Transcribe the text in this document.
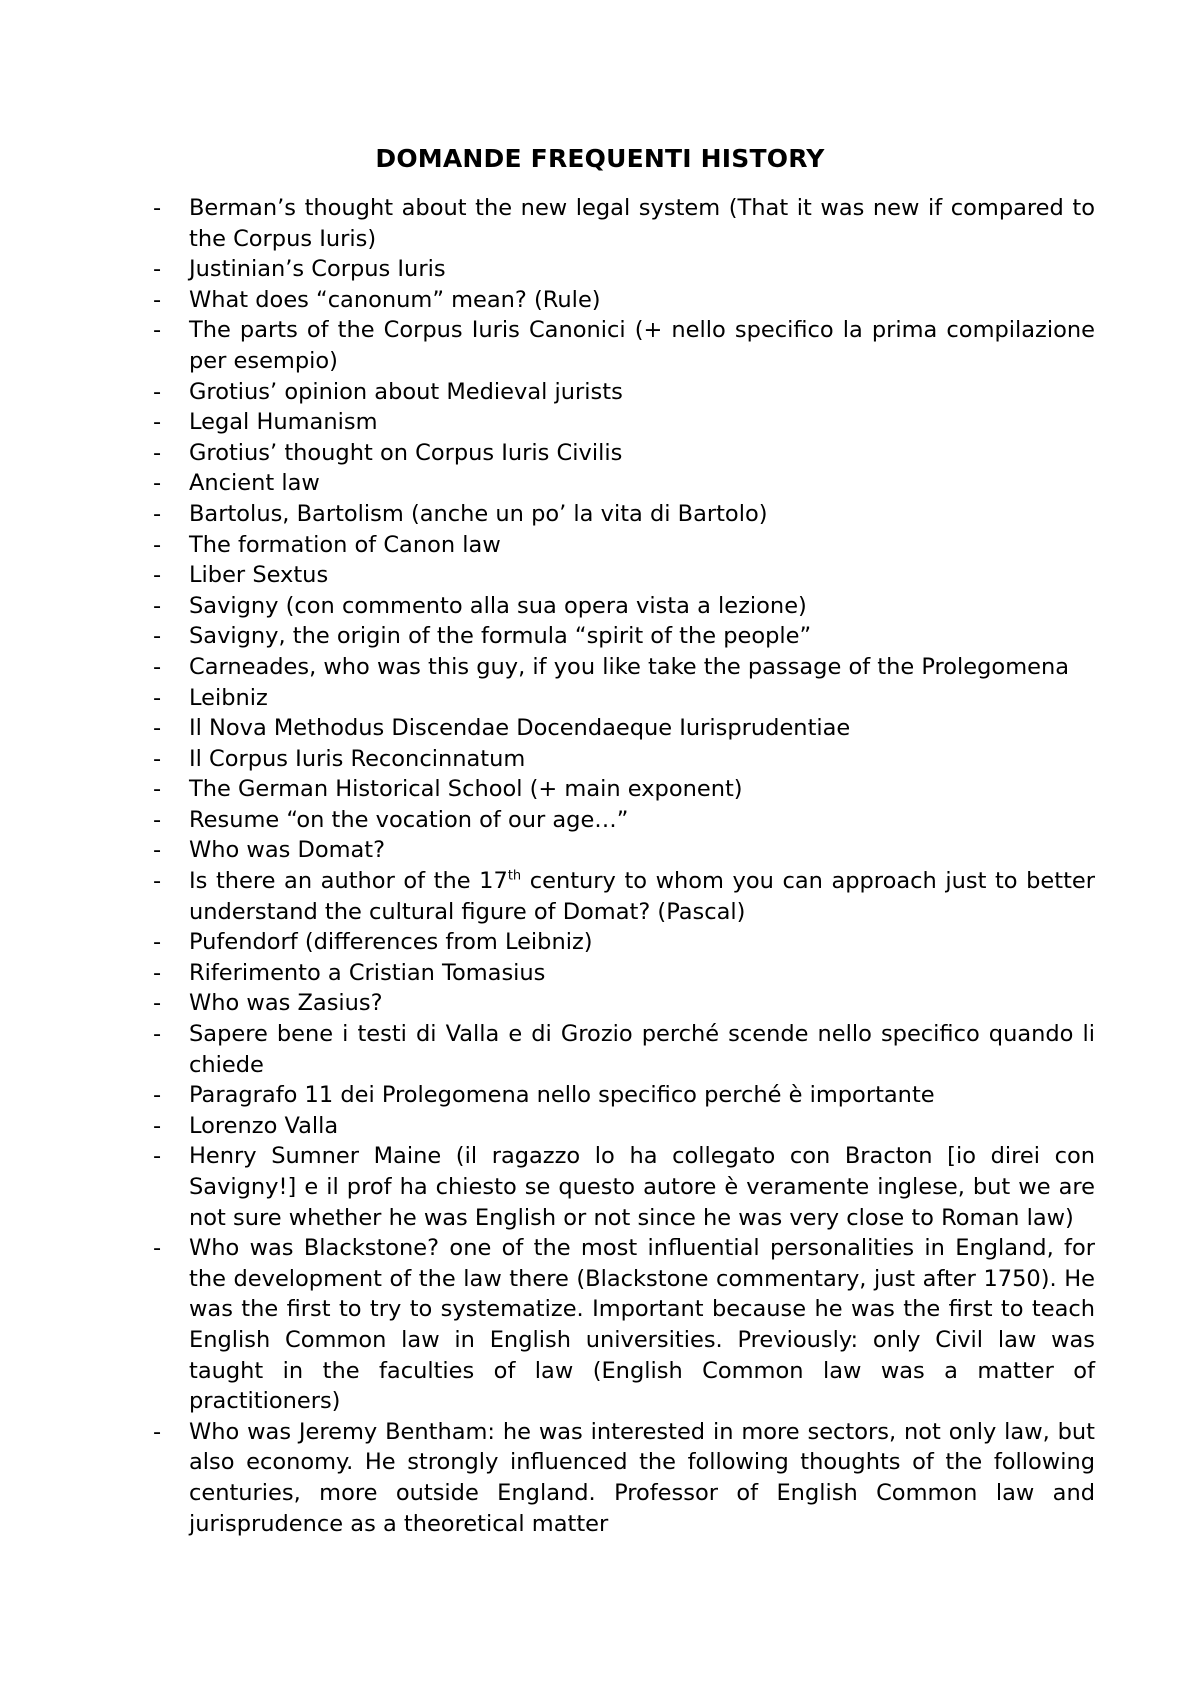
DOMANDE FREQUENTI HISTORY
- Berman’s thought about the new legal system (That it was new if compared to the Corpus Iuris)
- Justinian’s Corpus Iuris
- What does “canonum” mean? (Rule)
- The parts of the Corpus Iuris Canonici (+ nello specifico la prima compilazione per esempio)
- Grotius’ opinion about Medieval jurists
- Legal Humanism
- Grotius’ thought on Corpus Iuris Civilis
- Ancient law
- Bartolus, Bartolism (anche un po’ la vita di Bartolo)
- The formation of Canon law
- Liber Sextus
- Savigny (con commento alla sua opera vista a lezione)
- Savigny, the origin of the formula “spirit of the people”
- Carneades, who was this guy, if you like take the passage of the Prolegomena
- Leibniz
- Il Nova Methodus Discendae Docendaeque Iurisprudentiae
- Il Corpus Iuris Reconcinnatum
- The German Historical School (+ main exponent)
- Resume “on the vocation of our age…”
- Who was Domat?
- Is there an author of the 17th century to whom you can approach just to better understand the cultural figure of Domat? (Pascal)
- Pufendorf (differences from Leibniz)
- Riferimento a Cristian Tomasius
- Who was Zasius?
- Sapere bene i testi di Valla e di Grozio perché scende nello specifico quando li chiede
- Paragrafo 11 dei Prolegomena nello specifico perché è importante
- Lorenzo Valla
- Henry Sumner Maine (il ragazzo lo ha collegato con Bracton [io direi con Savigny!] e il prof ha chiesto se questo autore è veramente inglese, but we are not sure whether he was English or not since he was very close to Roman law)
- Who was Blackstone? one of the most influential personalities in England, for the development of the law there (Blackstone commentary, just after 1750). He was the first to try to systematize. Important because he was the first to teach English Common law in English universities. Previously: only Civil law was taught in the faculties of law (English Common law was a matter of practitioners)
- Who was Jeremy Bentham: he was interested in more sectors, not only law, but also economy. He strongly influenced the following thoughts of the following centuries, more outside England. Professor of English Common law and jurisprudence as a theoretical matter
